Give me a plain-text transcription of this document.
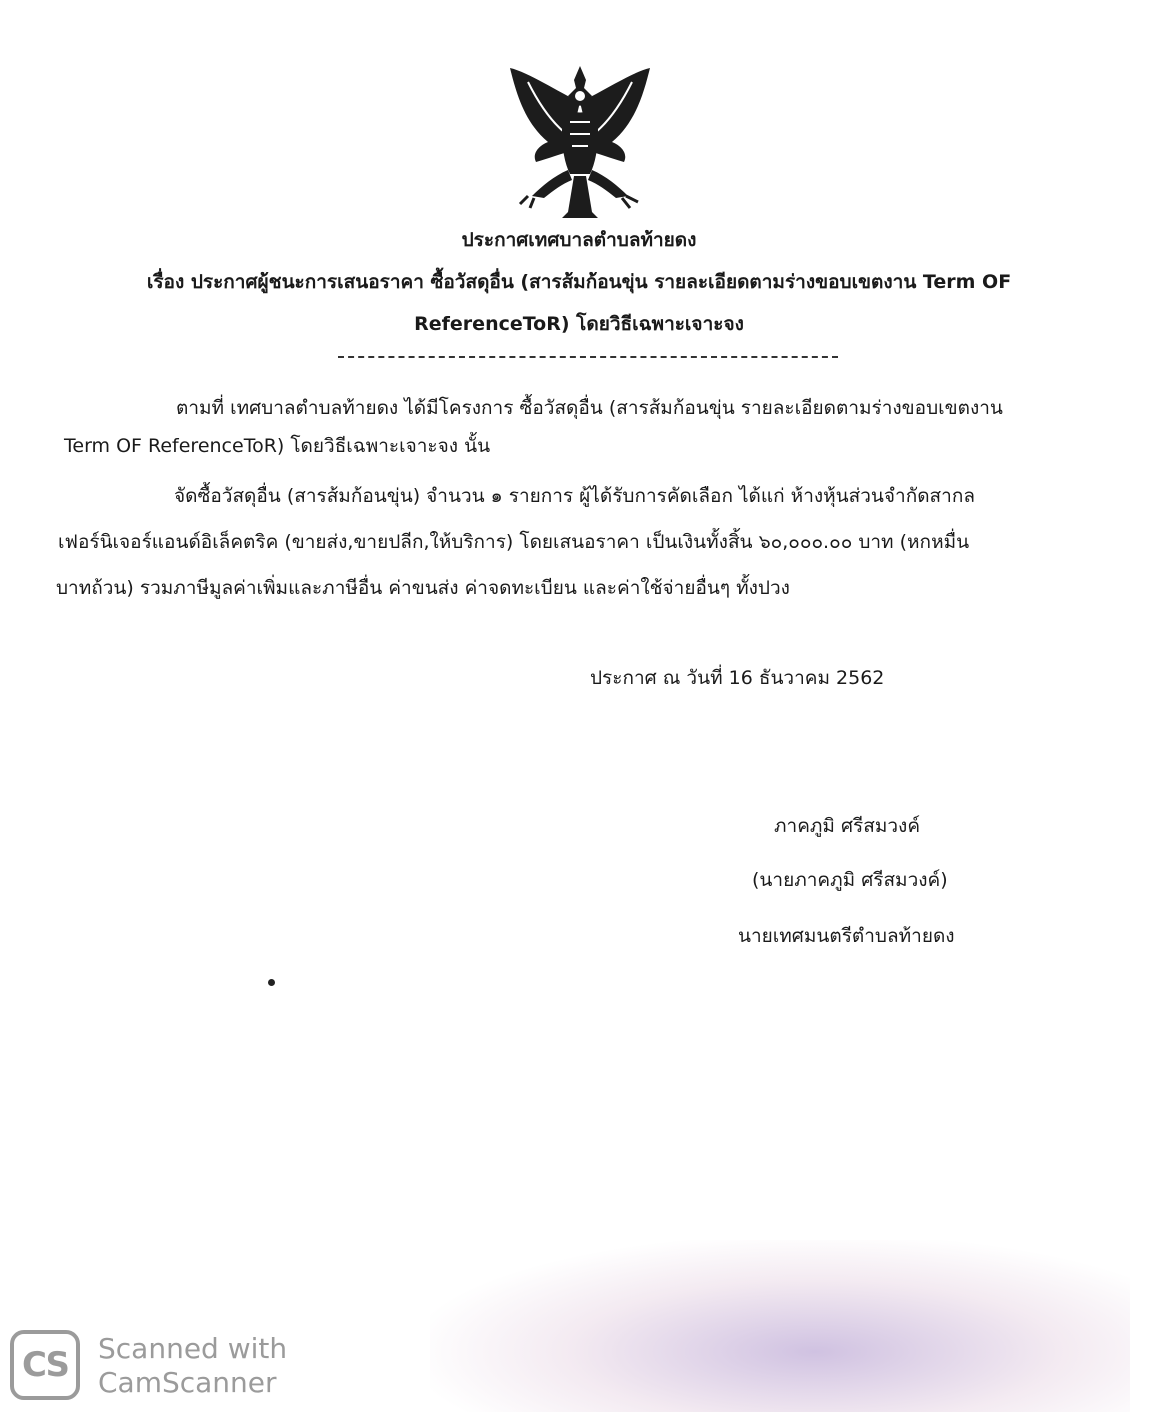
ประกาศเทศบาลตำบลท้ายดง
เรื่อง ประกาศผู้ชนะการเสนอราคา ซื้อวัสดุอื่น (สารส้มก้อนขุ่น รายละเอียดตามร่างขอบเขตงาน Term OF
ReferenceToR) โดยวิธีเฉพาะเจาะจง
ตามที่ เทศบาลตำบลท้ายดง ได้มีโครงการ ซื้อวัสดุอื่น (สารส้มก้อนขุ่น รายละเอียดตามร่างขอบเขตงาน
Term OF ReferenceToR) โดยวิธีเฉพาะเจาะจง นั้น
จัดซื้อวัสดุอื่น (สารส้มก้อนขุ่น) จำนวน ๑ รายการ ผู้ได้รับการคัดเลือก ได้แก่ ห้างหุ้นส่วนจำกัดสากล
เฟอร์นิเจอร์แอนด์อิเล็คตริค (ขายส่ง,ขายปลีก,ให้บริการ) โดยเสนอราคา เป็นเงินทั้งสิ้น ๖๐,๐๐๐.๐๐ บาท (หกหมื่น
บาทถ้วน) รวมภาษีมูลค่าเพิ่มและภาษีอื่น ค่าขนส่ง ค่าจดทะเบียน และค่าใช้จ่ายอื่นๆ ทั้งปวง
ประกาศ ณ วันที่ 16 ธันวาคม 2562
ภาคภูมิ ศรีสมวงค์
(นายภาคภูมิ ศรีสมวงค์)
นายเทศมนตรีตำบลท้ายดง
CS	Scanned with
CamScanner
